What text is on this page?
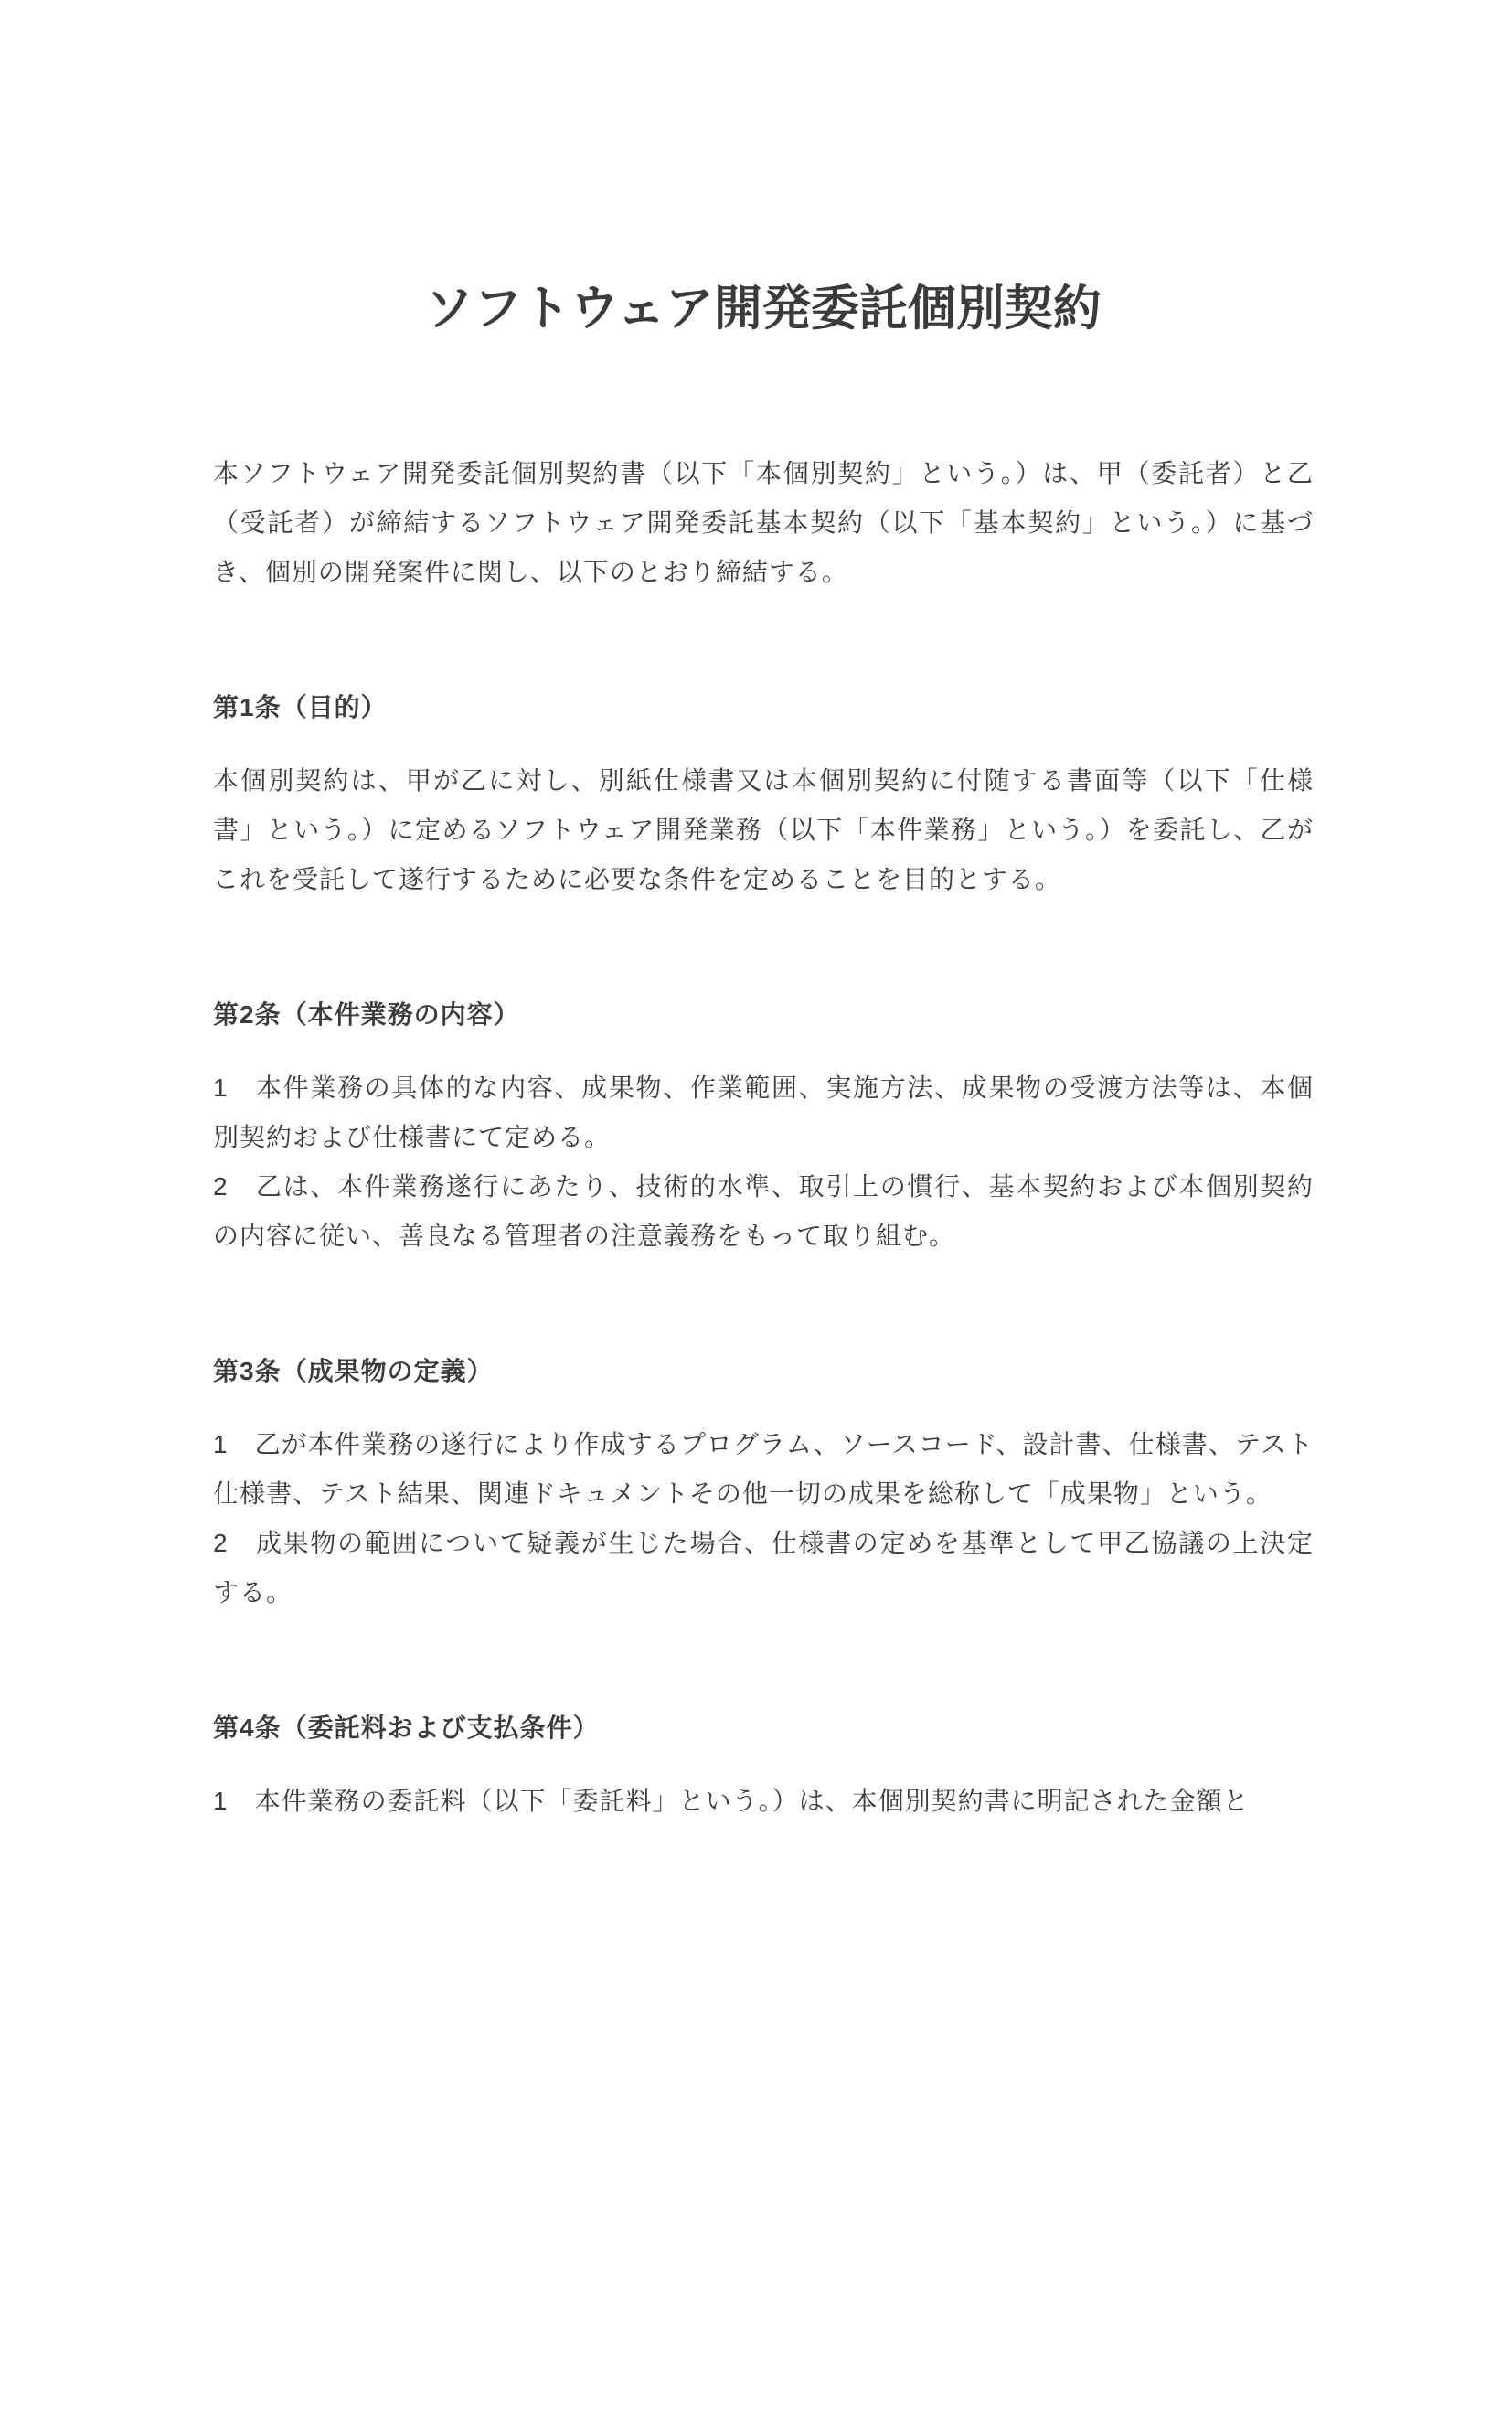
ソフトウェア開発委託個別契約

本ソフトウェア開発委託個別契約書（以下「本個別契約」という。）は、甲（委託者）と乙（受託者）が締結するソフトウェア開発委託基本契約（以下「基本契約」という。）に基づき、個別の開発案件に関し、以下のとおり締結する。

第1条（目的）

本個別契約は、甲が乙に対し、別紙仕様書又は本個別契約に付随する書面等（以下「仕様書」という。）に定めるソフトウェア開発業務（以下「本件業務」という。）を委託し、乙がこれを受託して遂行するために必要な条件を定めることを目的とする。

第2条（本件業務の内容）

1　本件業務の具体的な内容、成果物、作業範囲、実施方法、成果物の受渡方法等は、本個別契約および仕様書にて定める。

2　乙は、本件業務遂行にあたり、技術的水準、取引上の慣行、基本契約および本個別契約の内容に従い、善良なる管理者の注意義務をもって取り組む。

第3条（成果物の定義）

1　乙が本件業務の遂行により作成するプログラム、ソースコード、設計書、仕様書、テスト仕様書、テスト結果、関連ドキュメントその他一切の成果を総称して「成果物」という。

2　成果物の範囲について疑義が生じた場合、仕様書の定めを基準として甲乙協議の上決定する。

第4条（委託料および支払条件）

1　本件業務の委託料（以下「委託料」という。）は、本個別契約書に明記された金額と
